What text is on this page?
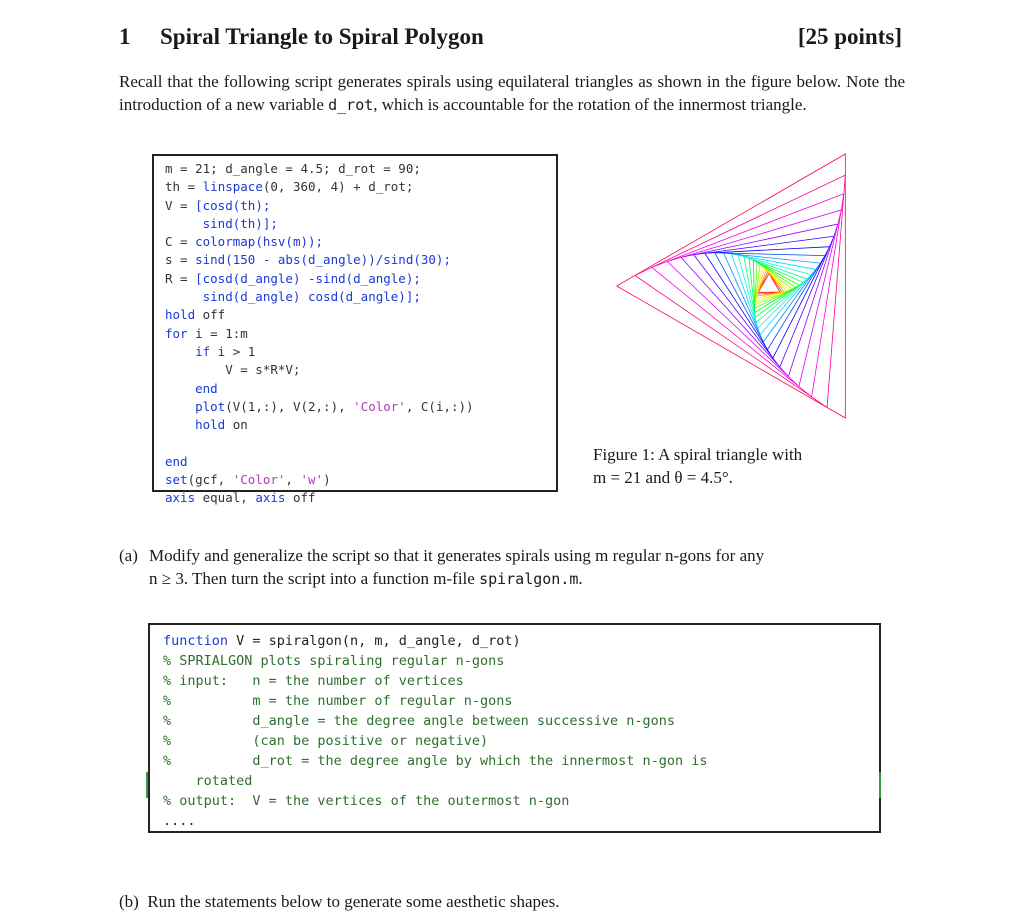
1 Spiral Triangle to Spiral Polygon	[25 points]
Recall that the following script generates spirals using equilateral triangles as shown in the figure below. Note the introduction of a new variable d_rot, which is accountable for the rotation of the innermost triangle.
m = 21; d_angle = 4.5; d_rot = 90;
th = linspace(0, 360, 4) + d_rot;
V = [cosd(th);
sind(th)];
C = colormap(hsv(m));
s = sind(150 - abs(d_angle))/sind(30);
R = [cosd(d_angle) -sind(d_angle);
sind(d_angle) cosd(d_angle)];
hold off
for i = 1:m
if i > 1
V = s*R*V;
end
plot(V(1,:), V(2,:), 'Color', C(i,:))
hold on

end
set(gcf, 'Color', 'w')
axis equal, axis off
Figure 1: A spiral triangle with
m = 21 and θ = 4.5°.
(a) Modify and generalize the script so that it generates spirals using m regular n-gons for any
n ≥ 3. Then turn the script into a function m-file spiralgon.m.
function V = spiralgon(n, m, d_angle, d_rot)
% SPRIALGON plots spiraling regular n-gons
% input:   n = the number of vertices
%          m = the number of regular n-gons
%          d_angle = the degree angle between successive n-gons
%          (can be positive or negative)
%          d_rot = the degree angle by which the innermost n-gon is
rotated
% output:  V = the vertices of the outermost n-gon
....
(b) Run the statements below to generate some aesthetic shapes.
